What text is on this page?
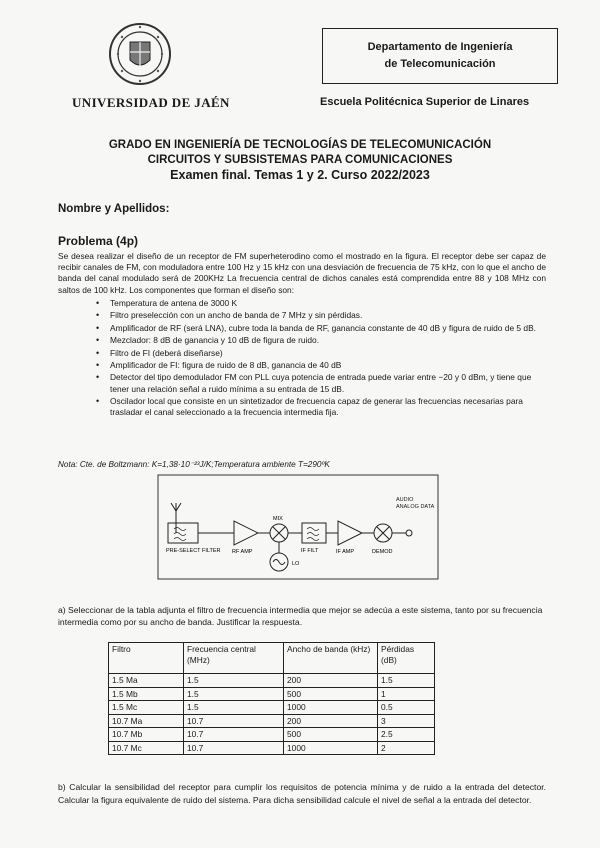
UNIVERSIDAD DE JAÉN
Departamento de Ingeniería
de Telecomunicación
Escuela Politécnica Superior de Linares
GRADO EN INGENIERÍA DE TECNOLOGÍAS DE TELECOMUNICACIÓN
CIRCUITOS Y SUBSISTEMAS PARA COMUNICACIONES
Examen final. Temas 1 y 2. Curso 2022/2023
Nombre y Apellidos:
Problema (4p)
Se desea realizar el diseño de un receptor de FM superheterodino como el mostrado en la figura. El receptor debe ser capaz de recibir canales de FM, con moduladora entre 100 Hz y 15 kHz con una desviación de frecuencia de 75 kHz, con lo que el ancho de banda del canal modulado será de 200KHz La frecuencia central de dichos canales está comprendida entre 88 y 108 MHz con saltos de 100 kHz. Los componentes que forman el diseño son:
• Temperatura de antena de 3000 K
• Filtro preselección con un ancho de banda de 7 MHz y sin pérdidas.
• Amplificador de RF (será LNA), cubre toda la banda de RF, ganancia constante de 40 dB y figura de ruido de 5 dB.
• Mezclador: 8 dB de ganancia y 10 dB de figura de ruido.
• Filtro de FI (deberá diseñarse)
• Amplificador de FI: figura de ruido de 8 dB, ganancia de 40 dB
• Detector del tipo demodulador FM con PLL cuya potencia de entrada puede variar entre −20 y 0 dBm, y tiene que tener una relación señal a ruido mínima a su entrada de 15 dB.
• Oscilador local que consiste en un sintetizador de frecuencia capaz de generar las frecuencias necesarias para trasladar el canal seleccionado a la frecuencia intermedia fija.
Nota: Cte. de Boltzmann: K=1,38·10⁻²³J/K;Temperatura ambiente T=290ºK
PRE-SELECT FILTER RF AMP
MIX
LO
IF FILT	IF AMP	DEMOD
AUDIO ANALOG DATA
a) Seleccionar de la tabla adjunta el filtro de frecuencia intermedia que mejor se adecúa a este sistema, tanto por su frecuencia intermedia como por su ancho de banda. Justificar la respuesta.
Filtro	Frecuencia central (MHz)	Ancho de banda (kHz)	Pérdidas (dB)
1.5 Ma	1.5	200	1.5
1.5 Mb	1.5	500	1
1.5 Mc	1.5	1000	0.5
10.7 Ma	10.7	200	3
10.7 Mb	10.7	500	2.5
10.7 Mc	10.7	1000	2
b) Calcular la sensibilidad del receptor para cumplir los requisitos de potencia mínima y de ruido a la entrada del detector. Calcular la figura equivalente de ruido del sistema. Para dicha sensibilidad calcule el nivel de señal a la entrada del detector.
